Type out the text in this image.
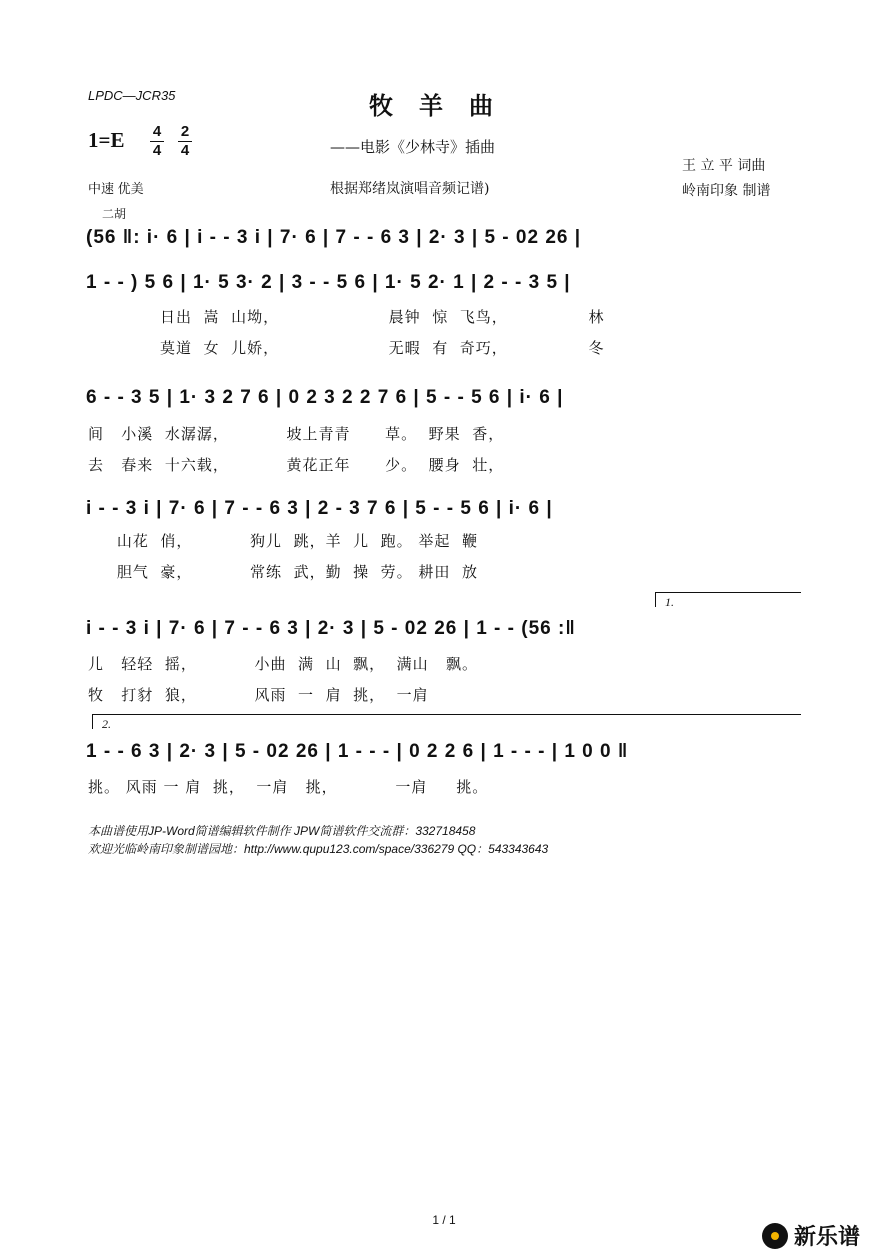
LPDC—JCR35	牧羊曲
1=E 4
4
2
4	——电影《少林寺》插曲
王 立 平 词曲
岭南印象 制谱
中速 优美	根据郑绪岚演唱音频记谱)
二胡
(56 ‖: i· 6 | i - - 3 i | 7· 6 | 7 - - 6 3 | 2· 3 | 5 - 02 26 |
1 - - ) 5 6 | 1· 5 3· 2 | 3 - - 5 6 | 1· 5 2· 1 | 2 - - 3 5 |
日出  嵩  山坳，                   晨钟  惊  飞鸟，              林
莫道  女  儿娇，                   无暇  有  奇巧，              冬
6 - - 3 5 | 1· 3 2 7 6 | 0 2 3 2 2 7 6 | 5 - - 5 6 | i· 6 |
间   小溪  水潺潺，          坡上青青      草。  野果  香，
去   春来  十六载，          黄花正年      少。  腰身  壮，
i - - 3 i | 7· 6 | 7 - - 6 3 | 2 - 3 7 6 | 5 - - 5 6 | i· 6 |
山花  俏，          狗儿  跳，羊  儿  跑。 举起  鞭
胆气  豪，          常练  武，勤  操  劳。 耕田  放
1.
i - - 3 i | 7· 6 | 7 - - 6 3 | 2· 3 | 5 - 02 26 | 1 - - (56 :‖
儿   轻轻  摇，          小曲  满  山  飘，  满山   飘。
牧   打豺  狼，          风雨  一  肩  挑，  一肩
2.
1 - - 6 3 | 2· 3 | 5 - 02 26 | 1 - - - | 0 2 2 6 | 1 - - - | 1 0 0 ‖
挑。 风雨 一 肩  挑，  一肩   挑，          一肩     挑。
本曲谱使用JP-Word简谱编辑软件制作 JPW简谱软件交流群：332718458
欢迎光临岭南印象制谱园地：http://www.qupu123.com/space/336279 QQ：543343643
1 / 1
新乐谱
